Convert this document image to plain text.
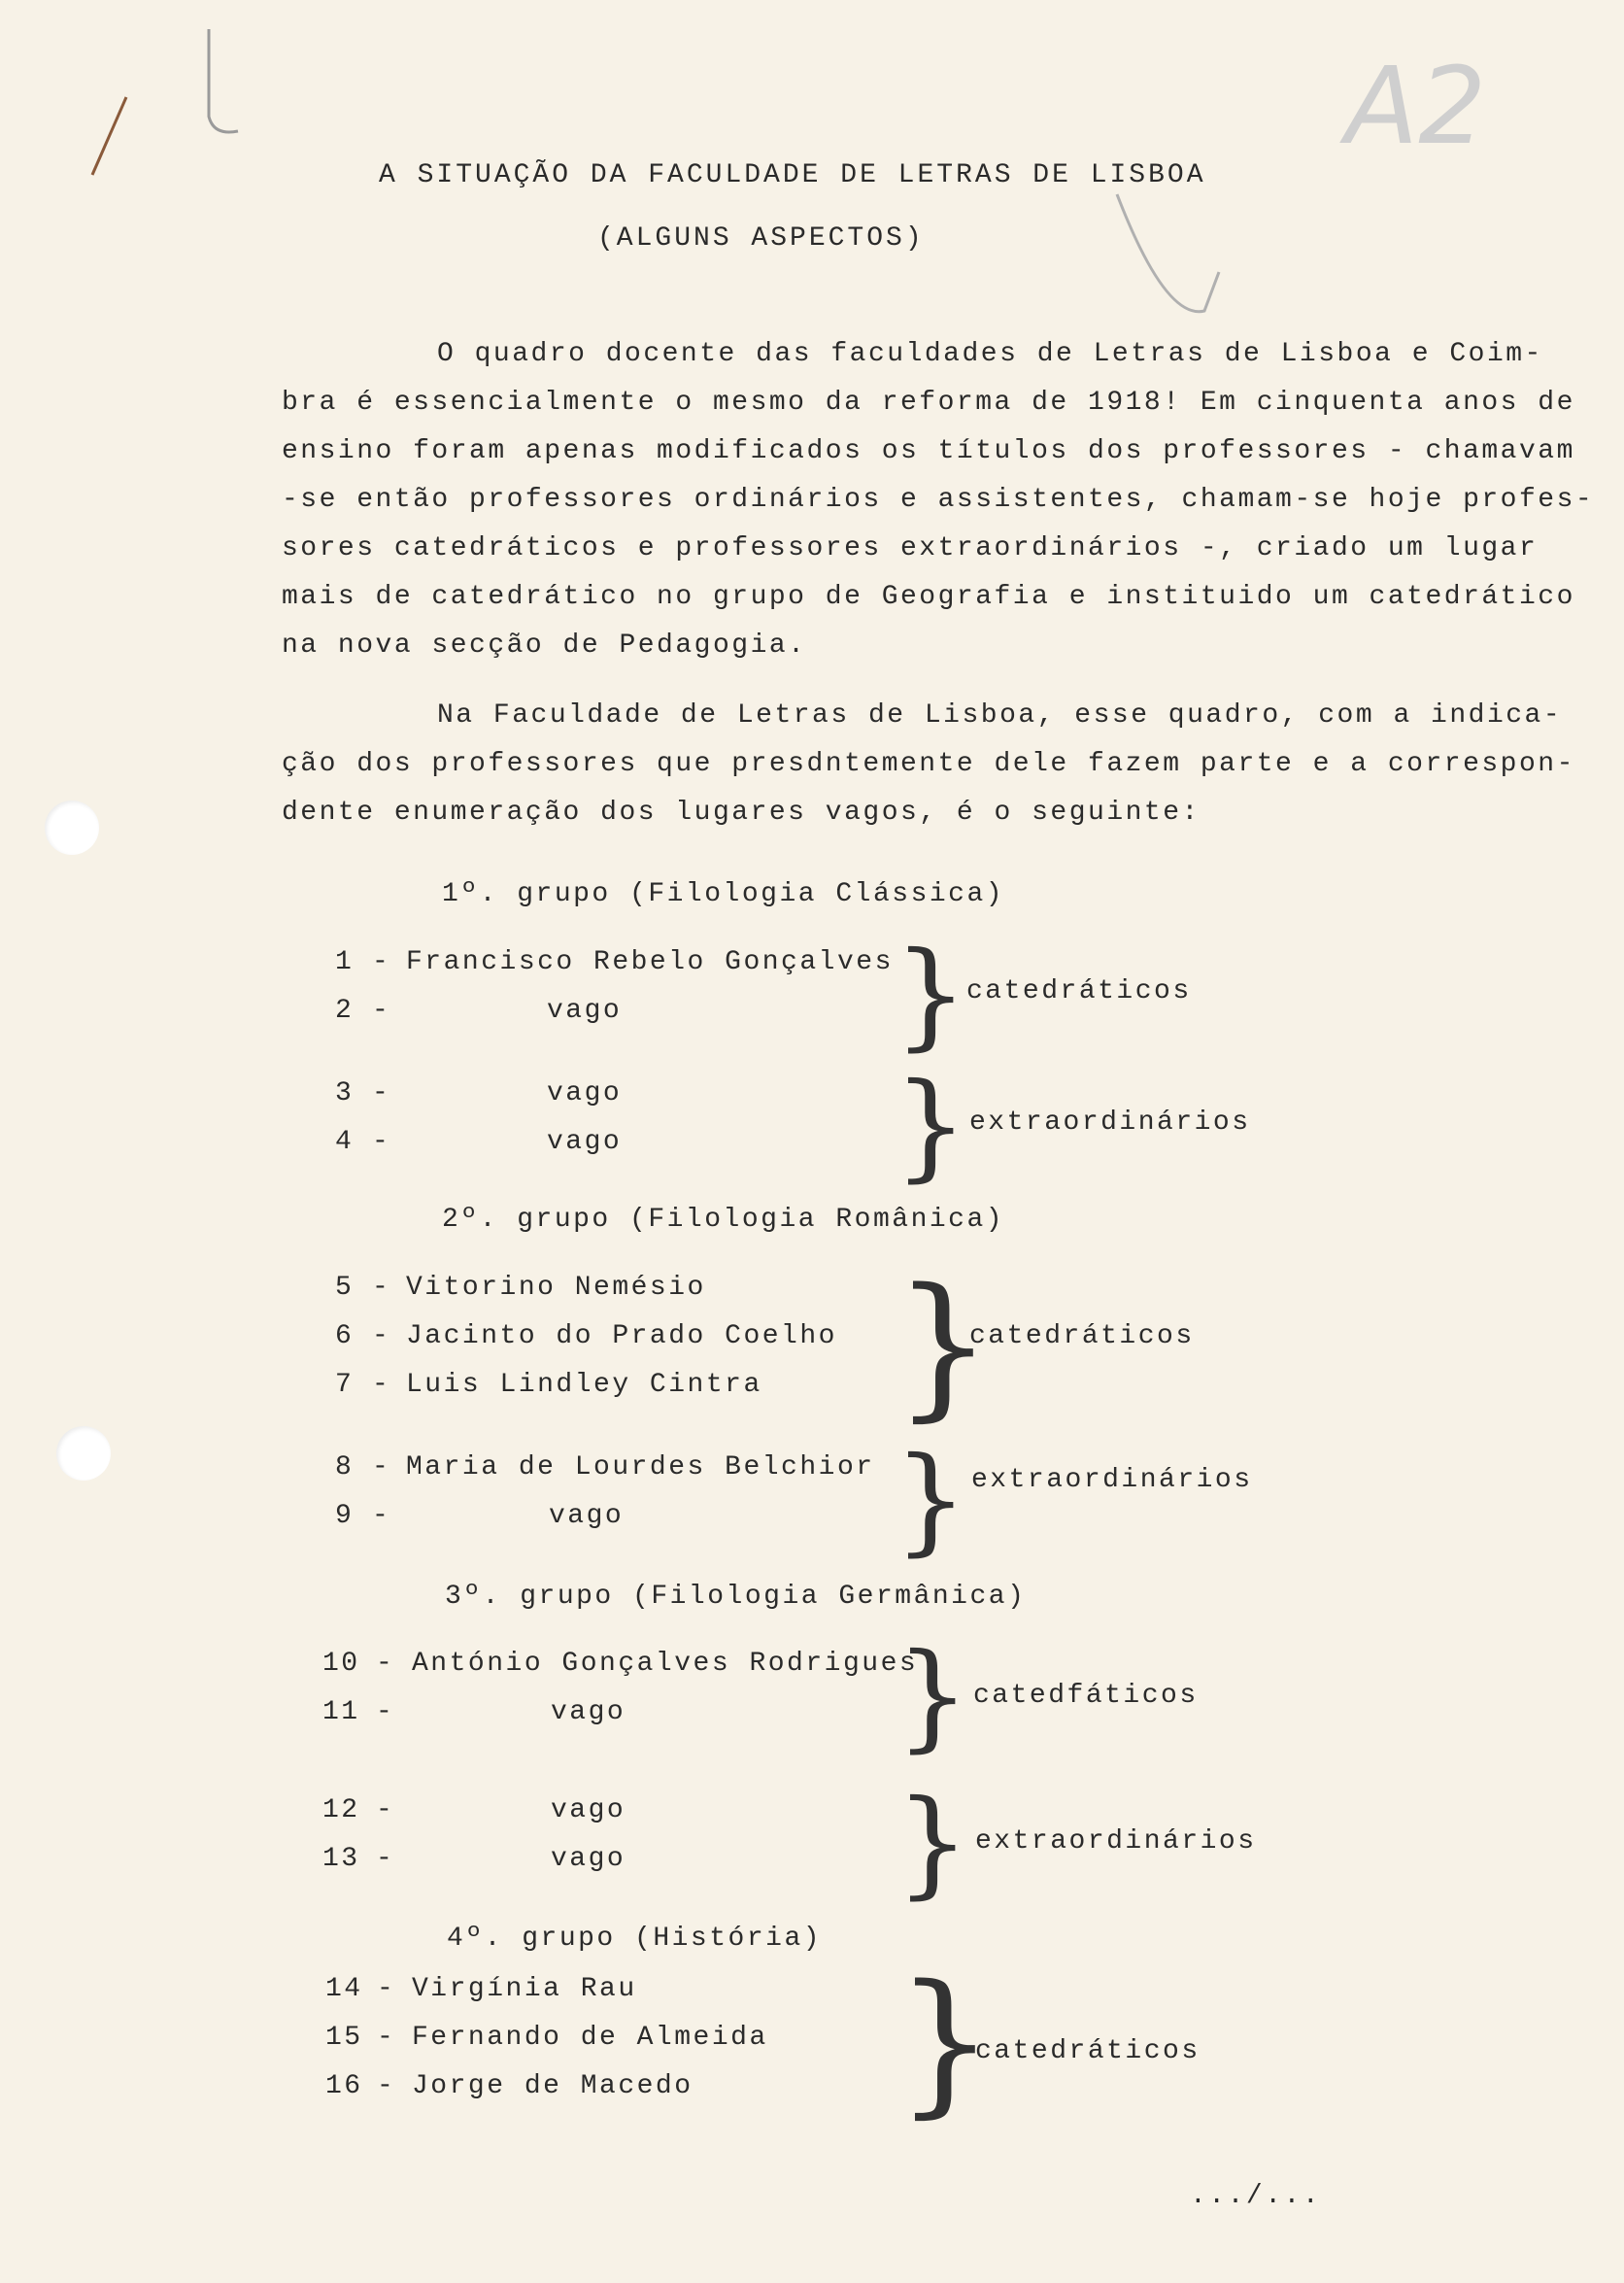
A2
A SITUAÇÃO DA FACULDADE DE LETRAS DE LISBOA
(ALGUNS ASPECTOS)
O quadro docente das faculdades de Letras de Lisboa e Coim-
bra é essencialmente o mesmo da reforma de 1918! Em cinquenta anos de
ensino foram apenas modificados os títulos dos professores - chamavam
-se então professores ordinários e assistentes, chamam-se hoje profes-
sores catedráticos e professores extraordinários -, criado um lugar
mais de catedrático no grupo de Geografia e instituido um catedrático
na nova secção de Pedagogia.
Na Faculdade de Letras de Lisboa, esse quadro, com a indica-
ção dos professores que presdntemente dele fazem parte e a correspon-
dente enumeração dos lugares vagos, é o seguinte:
1º. grupo (Filologia Clássica)
1 - Francisco Rebelo Gonçalves
2 -	vago }
catedráticos
3 -	vago
4 -	vago } extraordinários
2º. grupo (Filologia Românica)
5 - Vitorino Nemésio
6 - Jacinto do Prado Coelho
7 - Luis Lindley Cintra }
catedráticos
8 - Maria de Lourdes Belchior
9 -	vago } extraordinários
3º. grupo (Filologia Germânica)
10 - António Gonçalves Rodrigues
11 -	vago } catedfáticos
12 -	vago
13 -	vago } extraordinários
4º. grupo (História)
14 - Virgínia Rau
15 - Fernando de Almeida
16 - Jorge de Macedo }
catedráticos
.../...
